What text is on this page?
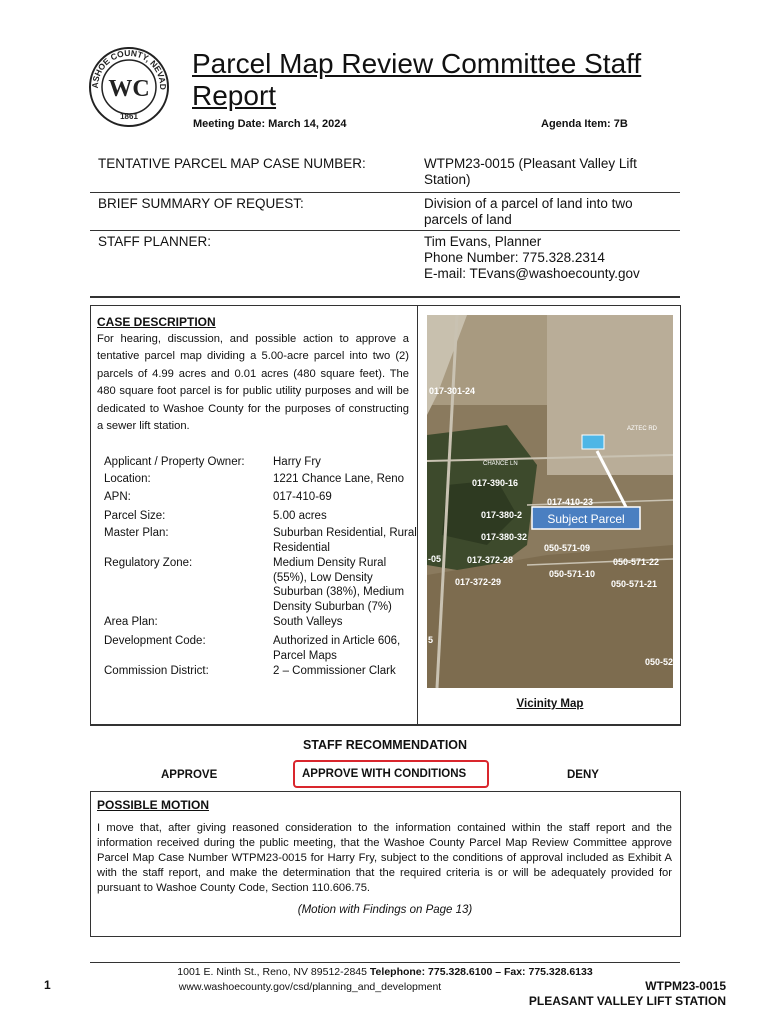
ASHOE COUNTY, NEVAD
1861
WC
Parcel Map Review Committee Staff Report
Meeting Date: March 14, 2024	Agenda Item: 7B
TENTATIVE PARCEL MAP CASE NUMBER:	WTPM23-0015 (Pleasant Valley Lift Station)
BRIEF SUMMARY OF REQUEST:	Division of a parcel of land into two parcels of land
STAFF PLANNER:	Tim Evans, Planner
Phone Number: 775.328.2314
E-mail: TEvans@washoecounty.gov
CASE DESCRIPTION
For hearing, discussion, and possible action to approve a tentative parcel map dividing a 5.00-acre parcel into two (2) parcels of 4.99 acres and 0.01 acres (480 square feet). The 480 square foot parcel is for public utility purposes and will be dedicated to Washoe County for the purposes of constructing a sewer lift station.
Applicant / Property Owner:	Harry Fry
Location:	1221 Chance Lane, Reno
APN:	017-410-69
Parcel Size:	5.00 acres
Master Plan:	Suburban Residential, Rural Residential
Regulatory Zone:	Medium Density Rural (55%), Low Density Suburban (38%), Medium Density Suburban (7%)
Area Plan:	South Valleys
Development Code:	Authorized in Article 606, Parcel Maps
Commission District:	2 – Commissioner Clark
017-301-24
017-390-16
017-410-23
017-380-2
017-380-32
017-372-28
017-372-29
050-571-09
050-571-10
050-571-22
050-571-21
050-52
5
-05
CHANCE LN
AZTEC RD
Subject Parcel
Vicinity Map
STAFF RECOMMENDATION
APPROVE	APPROVE WITH CONDITIONS	DENY
POSSIBLE MOTION
I move that, after giving reasoned consideration to the information contained within the staff report and the information received during the public meeting, that the Washoe County Parcel Map Review Committee approve Parcel Map Case Number WTPM23-0015 for Harry Fry, subject to the conditions of approval included as Exhibit A with the staff report, and make the determination that the required criteria is or will be adequately provided for pursuant to Washoe County Code, Section 110.606.75.
(Motion with Findings on Page 13)
1001 E. Ninth St., Reno, NV 89512-2845 Telephone: 775.328.6100 – Fax: 775.328.6133
www.washoecounty.gov/csd/planning_and_development
1	WTPM23-0015
PLEASANT VALLEY LIFT STATION
